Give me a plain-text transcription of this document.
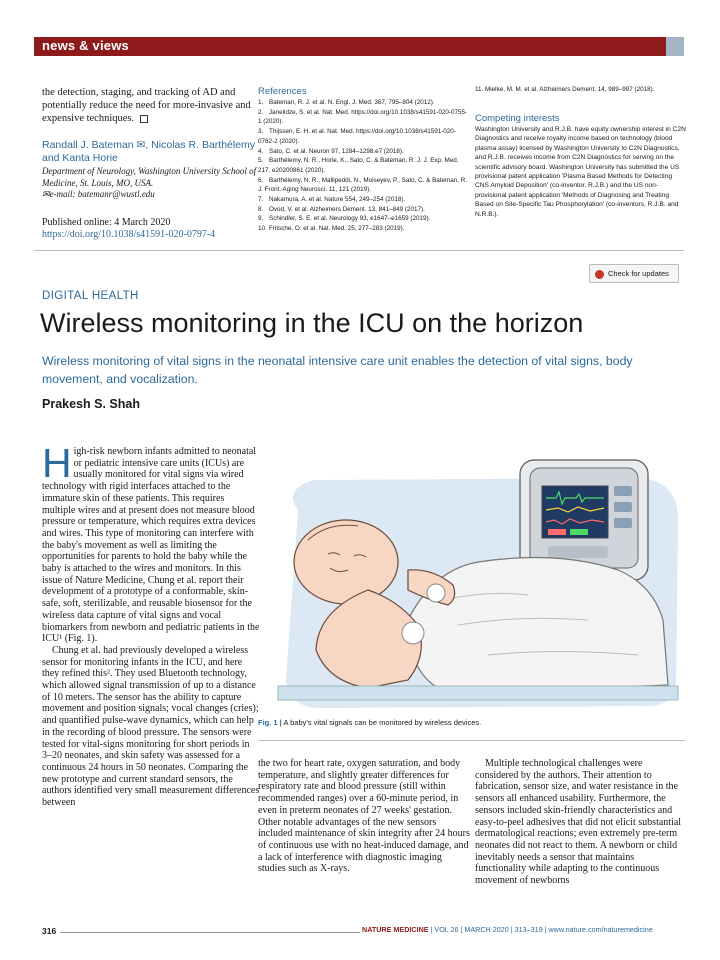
news & views
the detection, staging, and tracking of AD and potentially reduce the need for more-invasive and expensive techniques.
Randall J. Bateman ✉, Nicolas R. Barthélemy and Kanta Horie
Department of Neurology, Washington University School of Medicine, St. Louis, MO, USA.
✉e-mail: batemanr@wustl.edu
Published online: 4 March 2020
https://doi.org/10.1038/s41591-020-0797-4
References
1. Bateman, R. J. et al. N. Engl. J. Med. 367, 795–804 (2012).
2. Janelidze, S. et al. Nat. Med. https://doi.org/10.1038/s41591-020-0755-1 (2020).
3. Thijssen, E. H. et al. Nat. Med. https://doi.org/10.1038/s41591-020-0762-2 (2020).
4. Sato, C. et al. Neuron 97, 1284–1298.e7 (2018).
5. Barthélemy, N. R., Horie, K., Sato, C. & Bateman, R. J. J. Exp. Med. 217, e20200861 (2020).
6. Barthélemy, N. R., Mallipeddi, N., Moiseyev, P., Sato, C. & Bateman, R. J. Front. Aging Neurosci. 11, 121 (2019).
7. Nakamura, A. et al. Nature 554, 249–254 (2018).
8. Ovod, V. et al. Alzheimers Dement. 13, 841–849 (2017).
9. Schindler, S. E. et al. Neurology 93, e1647–e1659 (2019).
10. Fritsche, O. et al. Nat. Med. 25, 277–283 (2019).
11. Mielke, M. M. et al. Alzheimers Dement. 14, 989–997 (2018).
Competing interests
Washington University and R.J.B. have equity ownership interest in C2N Diagnostics and receive royalty income based on technology (blood plasma assay) licensed by Washington University to C2N Diagnostics, and R.J.B. receives income from C2N Diagnostics for serving on the scientific advisory board. Washington University has submitted the US provisional patent application 'Plasma Based Methods for Detecting CNS Amyloid Deposition' (co-inventor, R.J.B.) and the US non-provisional patent application 'Methods of Diagnosing and Treating Based on Site-Specific Tau Phosphorylation' (co-inventors, R.J.B. and N.R.B.).
Check for updates
DIGITAL HEALTH
Wireless monitoring in the ICU on the horizon
Wireless monitoring of vital signs in the neonatal intensive care unit enables the detection of vital signs, body movement, and vocalization.
Prakesh S. Shah

High-risk newborn infants admitted to neonatal or pediatric intensive care units (ICUs) are usually monitored for vital signs via wired technology with rigid interfaces attached to the immature skin of these patients. This requires multiple wires and at present does not measure blood pressure or temperature, which requires extra devices and wires. This type of monitoring can interfere with the baby's movement as well as limiting the opportunities for parents to hold the baby while the baby is attached to the wires and monitors. In this issue of Nature Medicine, Chung et al. report their development of a prototype of a conformable, skin-safe, soft, sterilizable, and reusable biosensor for the wireless data capture of vital signs and vocal biomarkers from newborn and pediatric patients in the ICU¹ (Fig. 1).

Chung et al. had previously developed a wireless sensor for monitoring infants in the ICU, and here they refined this². They used Bluetooth technology, which allowed signal transmission of up to a distance of 10 meters. The sensor has the ability to capture movement and position signals; vocal changes (cries); and quantified pulse-wave dynamics, which can help in the recording of blood pressure. The sensors were tested for vital-signs monitoring for short periods in 3–20 neonates, and skin safety was assessed for a continuous 24 hours in 50 neonates. Comparing the new prototype and current standard sensors, the authors identified very small measurement differences between

Fig. 1 | A baby's vital signals can be monitored by wireless devices.
the two for heart rate, oxygen saturation, and body temperature, and slightly greater differences for respiratory rate and blood pressure (still within recommended ranges) over a 60-minute period, in even in preterm neonates of 27 weeks' gestation. Other notable advantages of the new sensors included maintenance of skin integrity after 24 hours of continuous use with no heat-induced damage, and a lack of interference with diagnostic imaging studies such as X-rays.
Multiple technological challenges were considered by the authors. Their attention to fabrication, sensor size, and water resistance in the sensors all enhanced usability. Furthermore, the sensors included skin-friendly characteristics and easy-to-peel adhesives that did not elicit substantial dermatological reactions; even extremely pre-term neonates did not react to them. A newborn or child inevitably needs a sensor that maintains functionality while adapting to the continuous movement of newborns
316	NATURE MEDICINE | VOL 26 | MARCH 2020 | 313–319 | www.nature.com/naturemedicine
